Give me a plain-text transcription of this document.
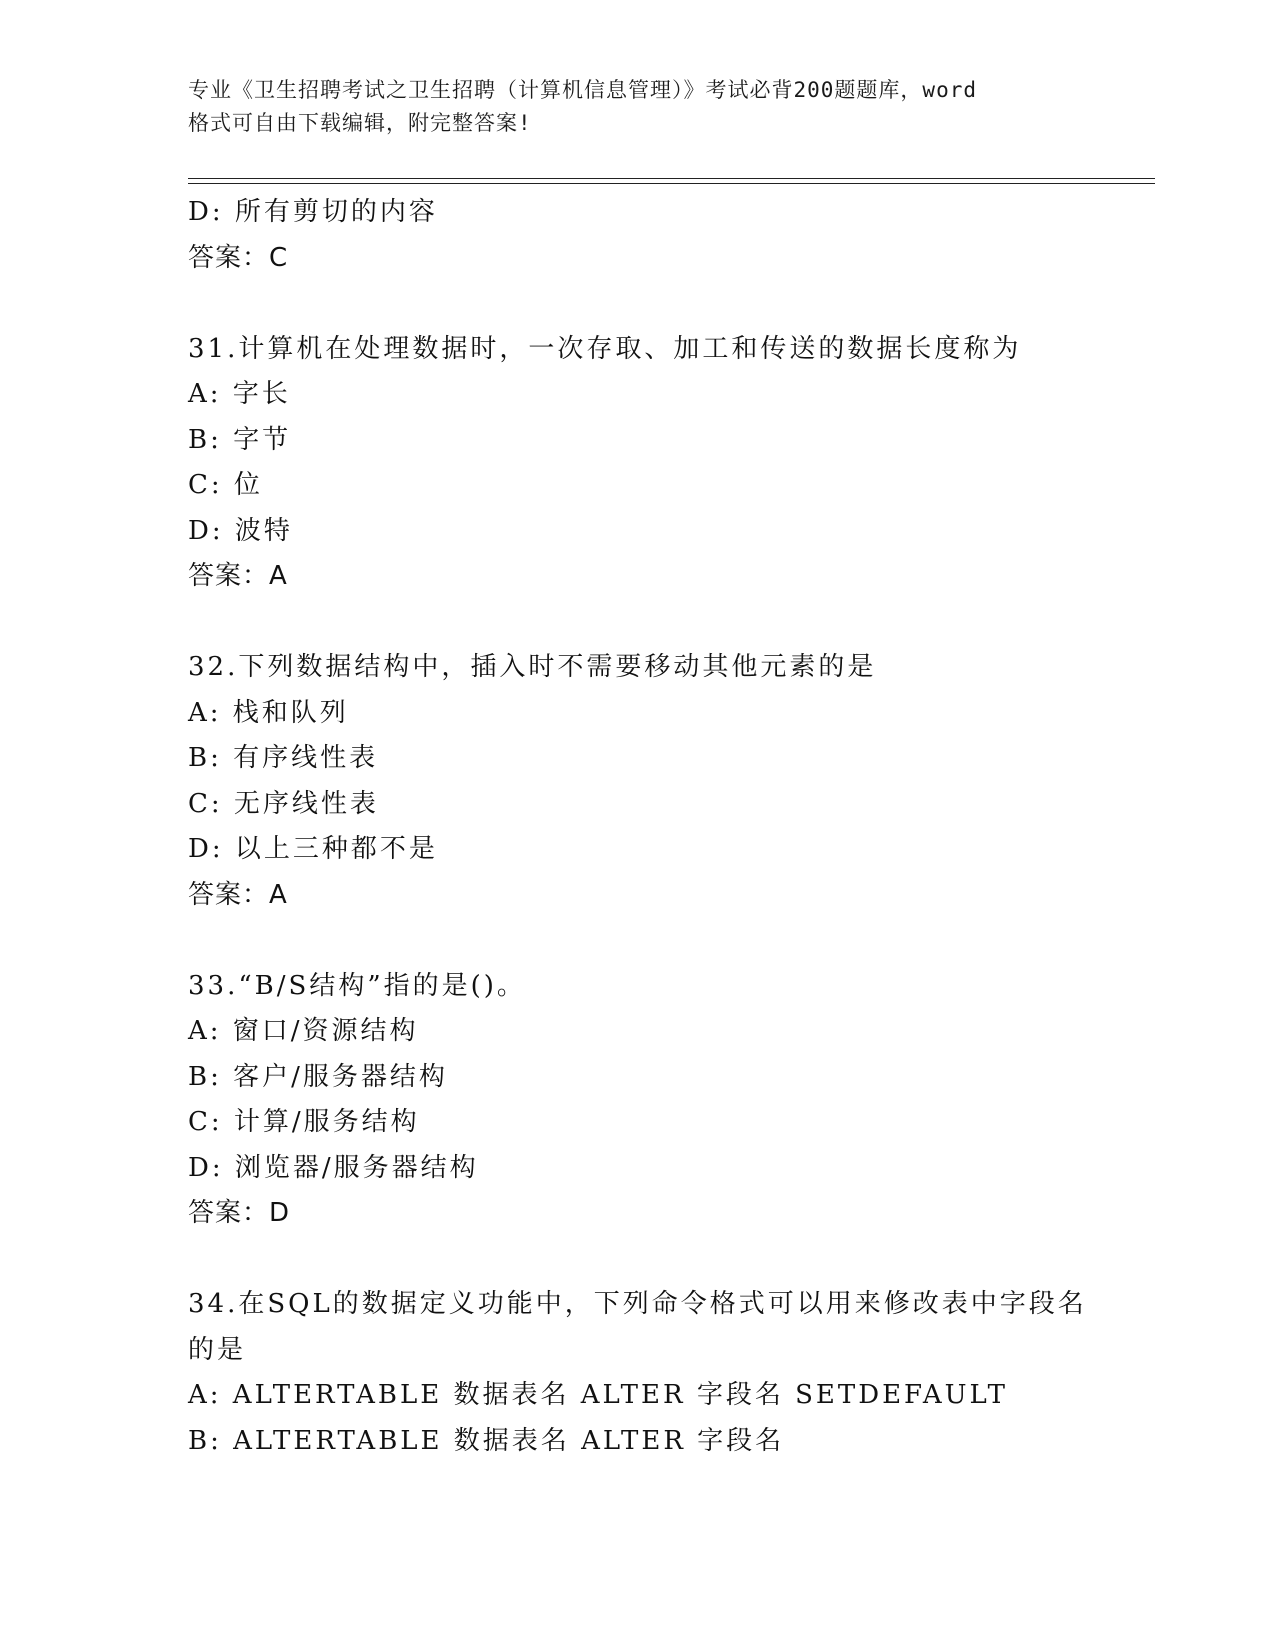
专业《卫生招聘考试之卫生招聘（计算机信息管理）》考试必背200题题库，word
格式可自由下载编辑，附完整答案!
D: 所有剪切的内容
答案：C
31.计算机在处理数据时，一次存取、加工和传送的数据长度称为
A: 字长
B: 字节
C: 位
D: 波特
答案：A
32.下列数据结构中，插入时不需要移动其他元素的是
A: 栈和队列
B: 有序线性表
C: 无序线性表
D: 以上三种都不是
答案：A
33.“B/S结构”指的是()。
A: 窗口/资源结构
B: 客户/服务器结构
C: 计算/服务结构
D: 浏览器/服务器结构
答案：D
34.在SQL的数据定义功能中，下列命令格式可以用来修改表中字段名
的是
A: ALTERTABLE 数据表名 ALTER 字段名 SETDEFAULT
B: ALTERTABLE 数据表名 ALTER 字段名
